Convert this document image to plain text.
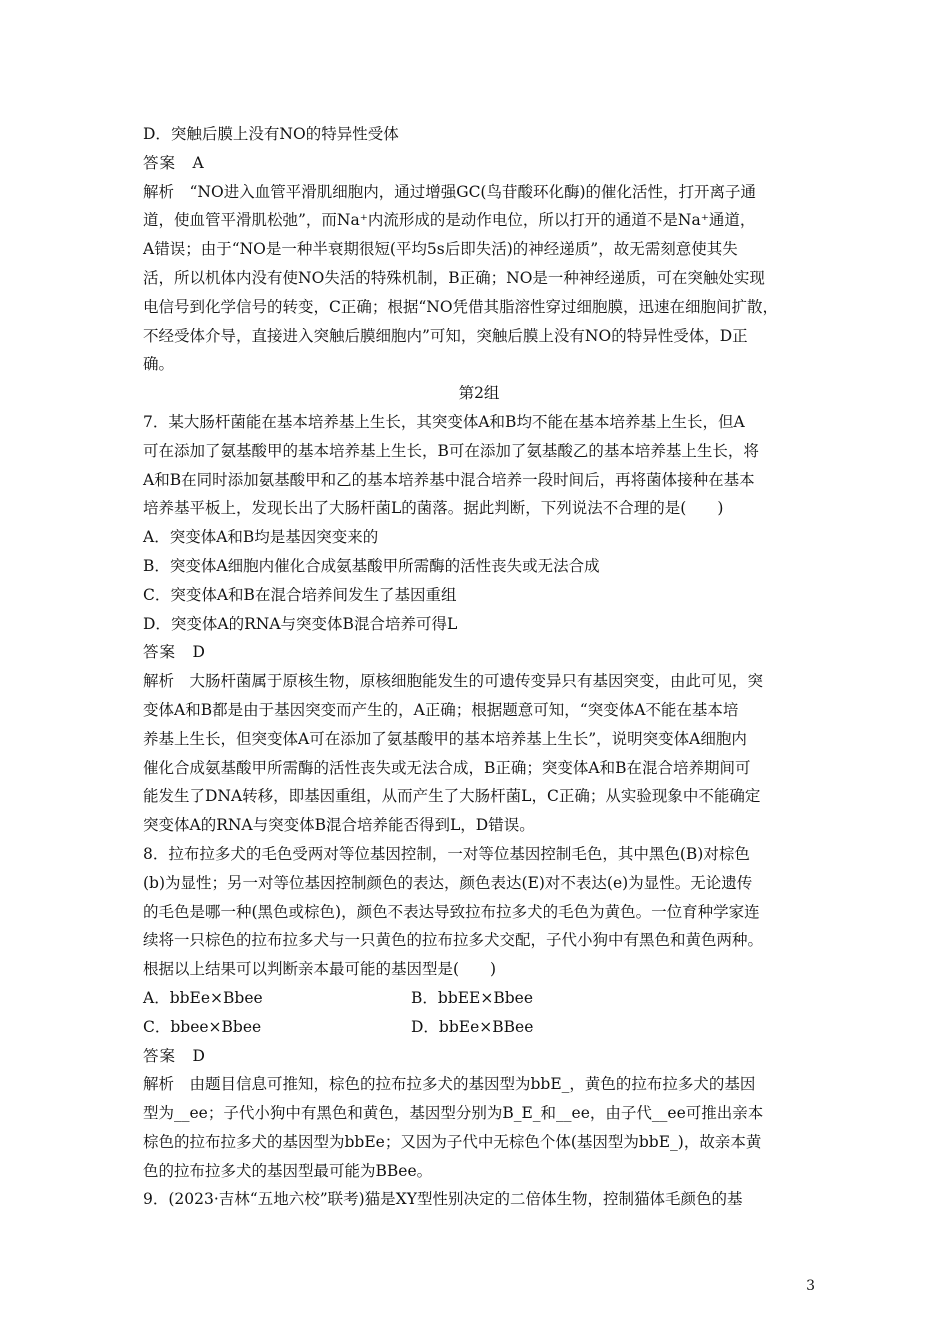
D．突触后膜上没有NO的特异性受体
答案　A
解析　“NO进入血管平滑肌细胞内，通过增强GC(鸟苷酸环化酶)的催化活性，打开离子通
道，使血管平滑肌松弛”，而Na⁺内流形成的是动作电位，所以打开的通道不是Na⁺通道，
A错误；由于“NO是一种半衰期很短(平均5s后即失活)的神经递质”，故无需刻意使其失
活，所以机体内没有使NO失活的特殊机制，B正确；NO是一种神经递质，可在突触处实现
电信号到化学信号的转变，C正确；根据“NO凭借其脂溶性穿过细胞膜，迅速在细胞间扩散，
不经受体介导，直接进入突触后膜细胞内”可知，突触后膜上没有NO的特异性受体，D正
确。
第2组
7．某大肠杆菌能在基本培养基上生长，其突变体A和B均不能在基本培养基上生长，但A
可在添加了氨基酸甲的基本培养基上生长，B可在添加了氨基酸乙的基本培养基上生长，将
A和B在同时添加氨基酸甲和乙的基本培养基中混合培养一段时间后，再将菌体接种在基本
培养基平板上，发现长出了大肠杆菌L的菌落。据此判断，下列说法不合理的是(　　)
A．突变体A和B均是基因突变来的
B．突变体A细胞内催化合成氨基酸甲所需酶的活性丧失或无法合成
C．突变体A和B在混合培养间发生了基因重组
D．突变体A的RNA与突变体B混合培养可得L
答案　D
解析　大肠杆菌属于原核生物，原核细胞能发生的可遗传变异只有基因突变，由此可见，突
变体A和B都是由于基因突变而产生的，A正确；根据题意可知，“突变体A不能在基本培
养基上生长，但突变体A可在添加了氨基酸甲的基本培养基上生长”，说明突变体A细胞内
催化合成氨基酸甲所需酶的活性丧失或无法合成，B正确；突变体A和B在混合培养期间可
能发生了DNA转移，即基因重组，从而产生了大肠杆菌L，C正确；从实验现象中不能确定
突变体A的RNA与突变体B混合培养能否得到L，D错误。
8．拉布拉多犬的毛色受两对等位基因控制，一对等位基因控制毛色，其中黑色(B)对棕色
(b)为显性；另一对等位基因控制颜色的表达，颜色表达(E)对不表达(e)为显性。无论遗传
的毛色是哪一种(黑色或棕色)，颜色不表达导致拉布拉多犬的毛色为黄色。一位育种学家连
续将一只棕色的拉布拉多犬与一只黄色的拉布拉多犬交配，子代小狗中有黑色和黄色两种。
根据以上结果可以判断亲本最可能的基因型是(　　)
A．bbEe×Bbee	B．bbEE×Bbee
C．bbee×Bbee	D．bbEe×BBee
答案　D
解析　由题目信息可推知，棕色的拉布拉多犬的基因型为bbE_，黄色的拉布拉多犬的基因
型为__ee；子代小狗中有黑色和黄色，基因型分别为B_E_和__ee，由子代__ee可推出亲本
棕色的拉布拉多犬的基因型为bbEe；又因为子代中无棕色个体(基因型为bbE_)，故亲本黄
色的拉布拉多犬的基因型最可能为BBee。
9．(2023·吉林“五地六校”联考)猫是XY型性别决定的二倍体生物，控制猫体毛颜色的基
3
